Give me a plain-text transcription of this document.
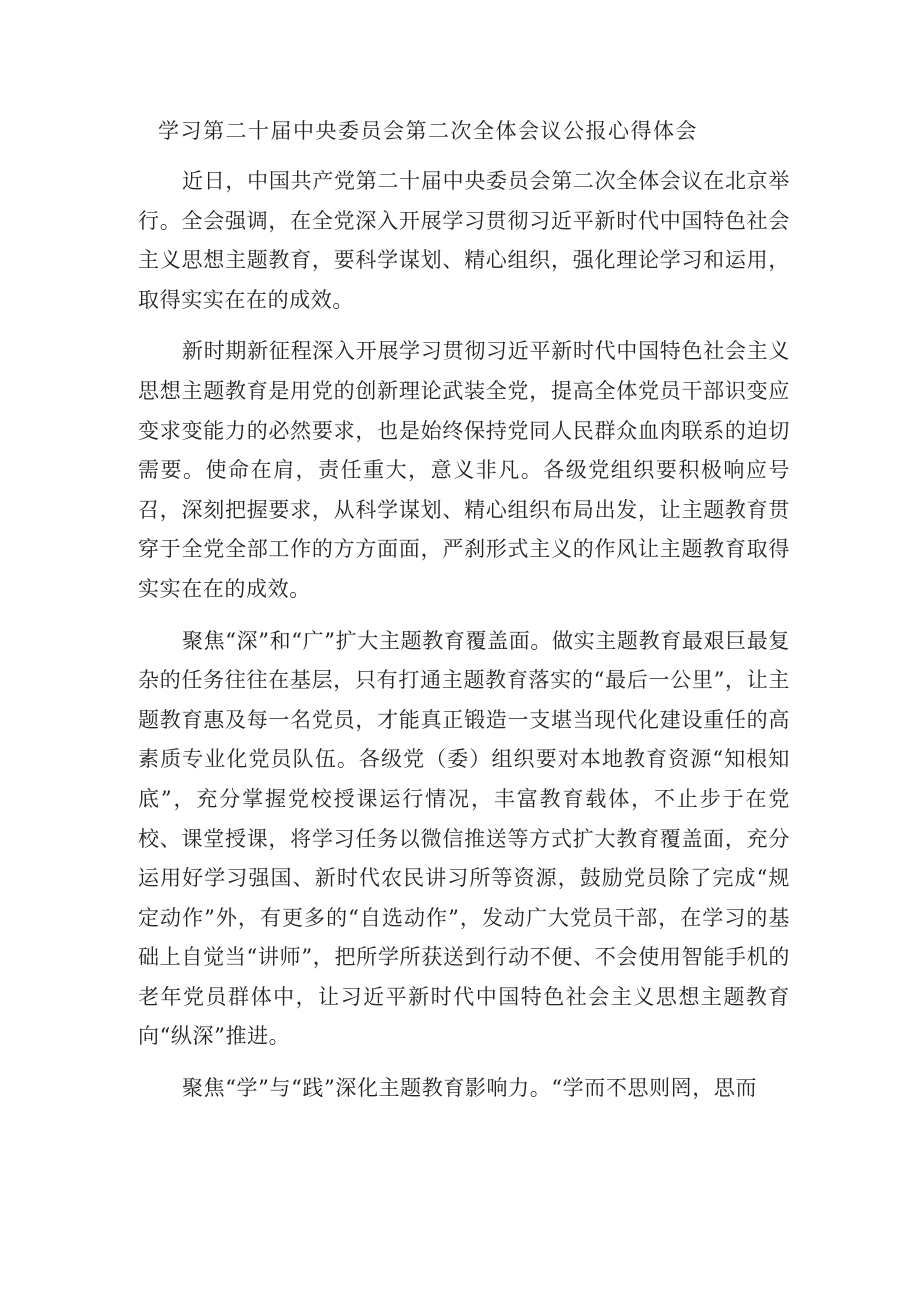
学习第二十届中央委员会第二次全体会议公报心得体会

近日，中国共产党第二十届中央委员会第二次全体会议在北京举行。全会强调，在全党深入开展学习贯彻习近平新时代中国特色社会主义思想主题教育，要科学谋划、精心组织，强化理论学习和运用，取得实实在在的成效。

新时期新征程深入开展学习贯彻习近平新时代中国特色社会主义思想主题教育是用党的创新理论武装全党，提高全体党员干部识变应变求变能力的必然要求，也是始终保持党同人民群众血肉联系的迫切需要。使命在肩，责任重大，意义非凡。各级党组织要积极响应号召，深刻把握要求，从科学谋划、精心组织布局出发，让主题教育贯穿于全党全部工作的方方面面，严刹形式主义的作风让主题教育取得实实在在的成效。

聚焦“深”和“广”扩大主题教育覆盖面。做实主题教育最艰巨最复杂的任务往往在基层，只有打通主题教育落实的“最后一公里”，让主题教育惠及每一名党员，才能真正锻造一支堪当现代化建设重任的高素质专业化党员队伍。各级党（委）组织要对本地教育资源“知根知底”，充分掌握党校授课运行情况，丰富教育载体，不止步于在党校、课堂授课，将学习任务以微信推送等方式扩大教育覆盖面，充分运用好学习强国、新时代农民讲习所等资源，鼓励党员除了完成“规定动作”外，有更多的“自选动作”，发动广大党员干部，在学习的基础上自觉当“讲师”，把所学所获送到行动不便、不会使用智能手机的老年党员群体中，让习近平新时代中国特色社会主义思想主题教育向“纵深”推进。

聚焦“学”与“践”深化主题教育影响力。“学而不思则罔，思而
